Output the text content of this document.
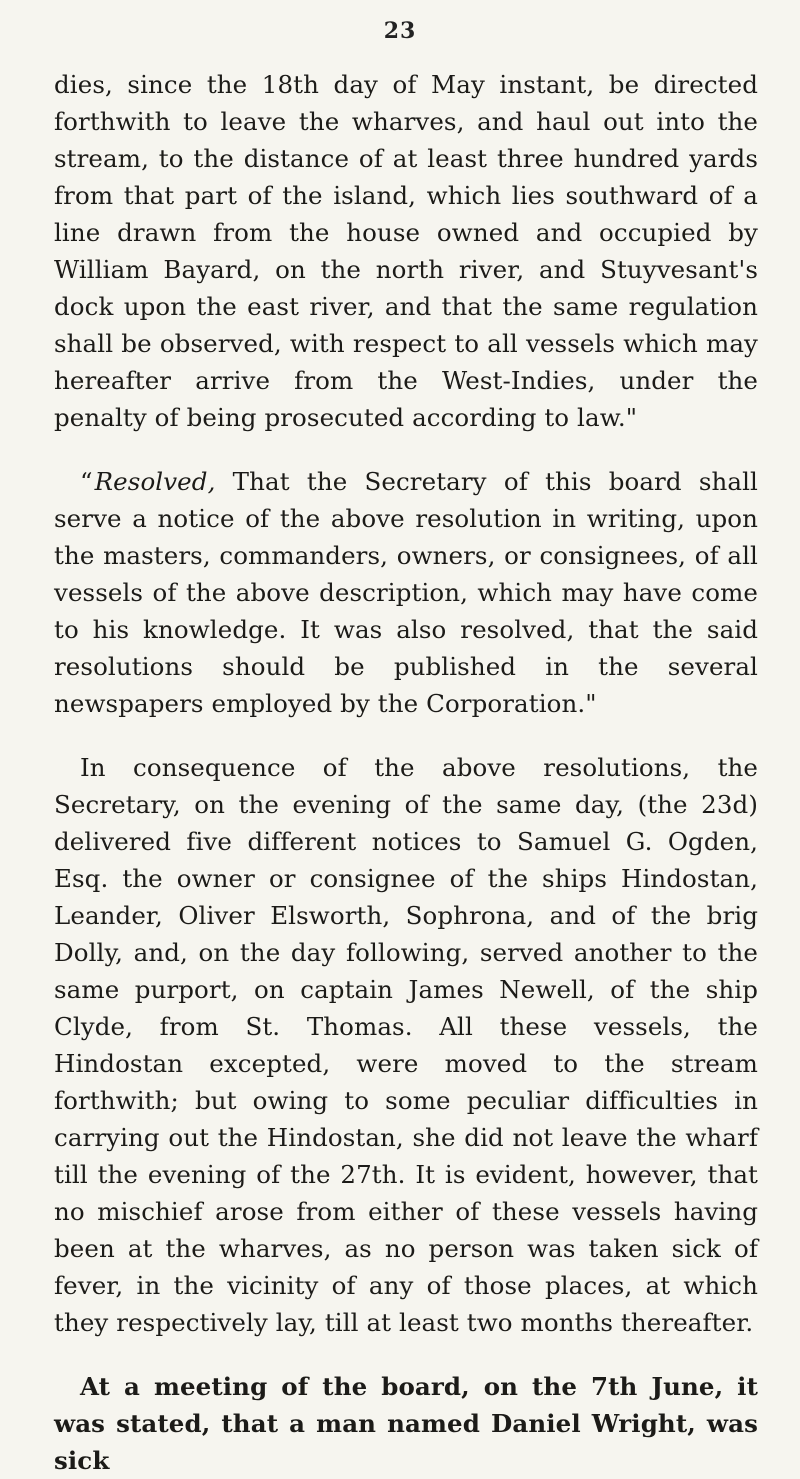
23

dies, since the 18th day of May instant, be directed forthwith to leave the wharves, and haul out into the stream, to the distance of at least three hundred yards from that part of the island, which lies southward of a line drawn from the house owned and occupied by William Bayard, on the north river, and Stuyvesant's dock upon the east river, and that the same regulation shall be observed, with respect to all vessels which may hereafter arrive from the West-Indies, under the penalty of being prosecuted according to law."

“Resolved, That the Secretary of this board shall serve a notice of the above resolution in writing, upon the masters, commanders, owners, or consignees, of all vessels of the above description, which may have come to his knowledge. It was also resolved, that the said resolutions should be published in the several newspapers employed by the Corporation."

In consequence of the above resolutions, the Secretary, on the evening of the same day, (the 23d) delivered five different notices to Samuel G. Ogden, Esq. the owner or consignee of the ships Hindostan, Leander, Oliver Elsworth, Sophrona, and of the brig Dolly, and, on the day following, served another to the same purport, on captain James Newell, of the ship Clyde, from St. Thomas. All these vessels, the Hindostan excepted, were moved to the stream forthwith; but owing to some peculiar difficulties in carrying out the Hindostan, she did not leave the wharf till the evening of the 27th. It is evident, however, that no mischief arose from either of these vessels having been at the wharves, as no person was taken sick of fever, in the vicinity of any of those places, at which they respectively lay, till at least two months thereafter.

At a meeting of the board, on the 7th June, it was stated, that a man named Daniel Wright, was sick
